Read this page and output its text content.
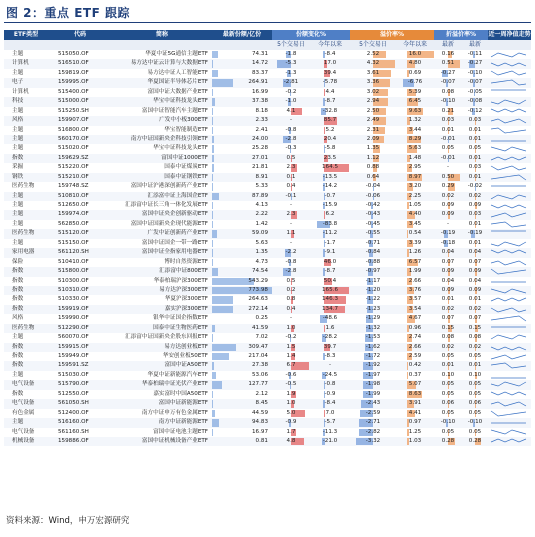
图 2：重点 ETF 跟踪
ETF类型	代码	简称	最新份额/亿份	份额变化%	溢价率%	折溢价率%	近一周净值走势
5个交易日	今年以来	5个交易日	今年以来	最新	最新
主题	515050.OF	华夏中证5G通信主题ETF	74.31	-1.8	-8.4	2.52	16.0	0.16	-0.11
计算机	516510.OF	易方达中证云计算与大数据ETF	14.72	-5.3	17.0	4.32	4.80	0.51	-0.27
主题	159819.OF	易方达中证人工智能ETF	83.37	-1.3	39.4	3.61	0.69	-0.27	-0.10
电子	159995.OF	华夏国证半导体芯片ETF	264.91	-2.81	-5.78	3.36	-6.76	-0.07	-0.07
计算机	515400.OF	富国中证大数据产业ETF	16.99	-0.2	4.4	3.02	5.39	0.08	-0.05
科技	515000.OF	华宝中证科技龙头ETF	37.38	-1.0	-8.7	2.94	6.45	-0.10	-0.08
主题	515250.SH	富国中证智能汽车主题ETF	8.18	4.1	-32.8	2.50	9.63	0.21	-0.12
风格	159907.OF	广发中小板300ETF	2.33	-	85.7	2.49	1.32	0.03	0.03
主题	516800.OF	华宝智能制造ETF	2.41	-0.8	5.2	2.31	3.44	0.01	0.01
主题	560170.OF	南方中证国新央企科技引领ETF	24.00	-2.8	20.4	2.09	8.29	-0.01	0.01
主题	515020.OF	华宝中证科技龙头ETF	25.28	-0.3	-5.8	1.35	5.63	0.05	0.05
指数	159629.SZ	富国中证1000ETF	27.01	0.5	23.5	1.12	1.48	-0.01	0.01
采掘	515220.OF	国泰中证煤炭ETF	21.81	2.3	164.5	0.88	2.95	-	0.03
钢铁	515210.OF	国泰中证钢铁ETF	8.91	0.1	-13.5	0.64	8.97	0.50	0.01
医药生物	159748.SZ	富国中证沪港深创新药产业ETF	5.33	0.4	-14.2	-0.04	3.20	0.29	-0.02
主题	510810.OF	汇添富中证上海国企ETF	87.89	-0.1	-0.7	-0.06	2.25	0.02	0.02
主题	512650.OF	汇添富中证长三角一体化发展ETF	4.13	-	-15.9	-0.42	1.05	0.09	0.09
主题	159974.OF	富国中证央企创新驱动ETF	2.22	2.3	6.2	-0.43	4.40	0.09	0.03
主题	562850.OF	富国中证国新央企现代能源ETF	1.42	-	-83.8	-0.45	3.45	-	0.01
医药生物	515120.OF	广发中证创新药产业ETF	59.09	1.1	-11.2	-0.55	0.54	-0.19	-0.19
主题	515150.OF	富国中证国企一带一路ETF	5.63	-	-1.7	-0.71	3.39	-0.18	0.01
家用电器	561120.SH	富国中证全指家用电器ETF	1.35	-2.2	-9.1	-0.84	1.26	0.04	0.04
保险	510410.OF	博时自然资源ETF	4.73	-0.8	46.0	-0.88	6.57	0.07	0.07
指数	515800.OF	汇添富中证800ETF	74.54	-2.8	-8.7	-0.97	1.99	0.09	0.09
指数	510300.OF	华泰柏瑞沪深300ETF	543.29	0.5	50.4	-1.17	2.66	0.04	0.04
指数	510310.OF	易方达沪深300ETF	773.98	0.2	165.6	-1.20	3.76	0.09	0.09
指数	510330.OF	华夏沪深300ETF	264.63	0.8	146.3	-1.22	3.57	0.01	0.01
指数	159919.OF	嘉实沪深300ETF	272.14	0.4	134.7	-1.23	3.54	0.02	0.02
风格	159990.OF	银华中证国企指数ETF	0.25	-	-48.6	-1.29	4.67	0.07	0.07
医药生物	512290.OF	国泰中证生物医药ETF	41.59	1.0	1.6	-1.32	0.96	0.15	0.15
主题	560070.OF	汇添富中证国新央企股东回报ETF	7.02	-0.2	-28.2	-1.53	2.74	0.08	0.08
指数	159915.OF	易方达创业板ETF	309.47	1.5	39.7	-1.62	2.66	0.02	0.02
指数	159949.OF	华安创业板50ETF	217.04	1.4	-8.3	-1.72	2.59	0.05	0.05
指数	159591.SZ	富国中证A50ETF	27.38	6.7	-	-1.92	0.42	0.01	0.01
主题	515030.OF	华夏中证新能源汽车ETF	53.06	-0.6	-24.5	-1.97	0.37	0.10	0.10
电气设备	515790.OF	华泰柏瑞中证光伏产业ETF	127.77	-0.5	-0.8	-1.98	5.07	0.05	0.05
指数	512550.OF	嘉实富时中国A50ETF	2.12	1.9	-0.9	-1.99	8.63	0.05	0.05
电气设备	561050.SH	富国中证新能源ETF	8.45	1.0	-8.4	-2.43	3.91	0.06	0.06
有色金属	512400.OF	南方中证申万有色金属ETF	44.59	5.0	7.0	-2.59	4.41	0.05	0.05
主题	516160.OF	南方中证新能源ETF	94.83	-0.9	-5.7	-2.71	0.97	-0.10	-0.10
电气设备	561160.SH	富国中证电池主题ETF	16.97	1.7	-11.3	-2.82	1.25	0.05	0.05
机械设备	159886.OF	富国中证机械设备产业ETF	0.81	4.8	-21.0	-3.32	1.03	0.28	0.28
资料来源：Wind，申万宏源研究
